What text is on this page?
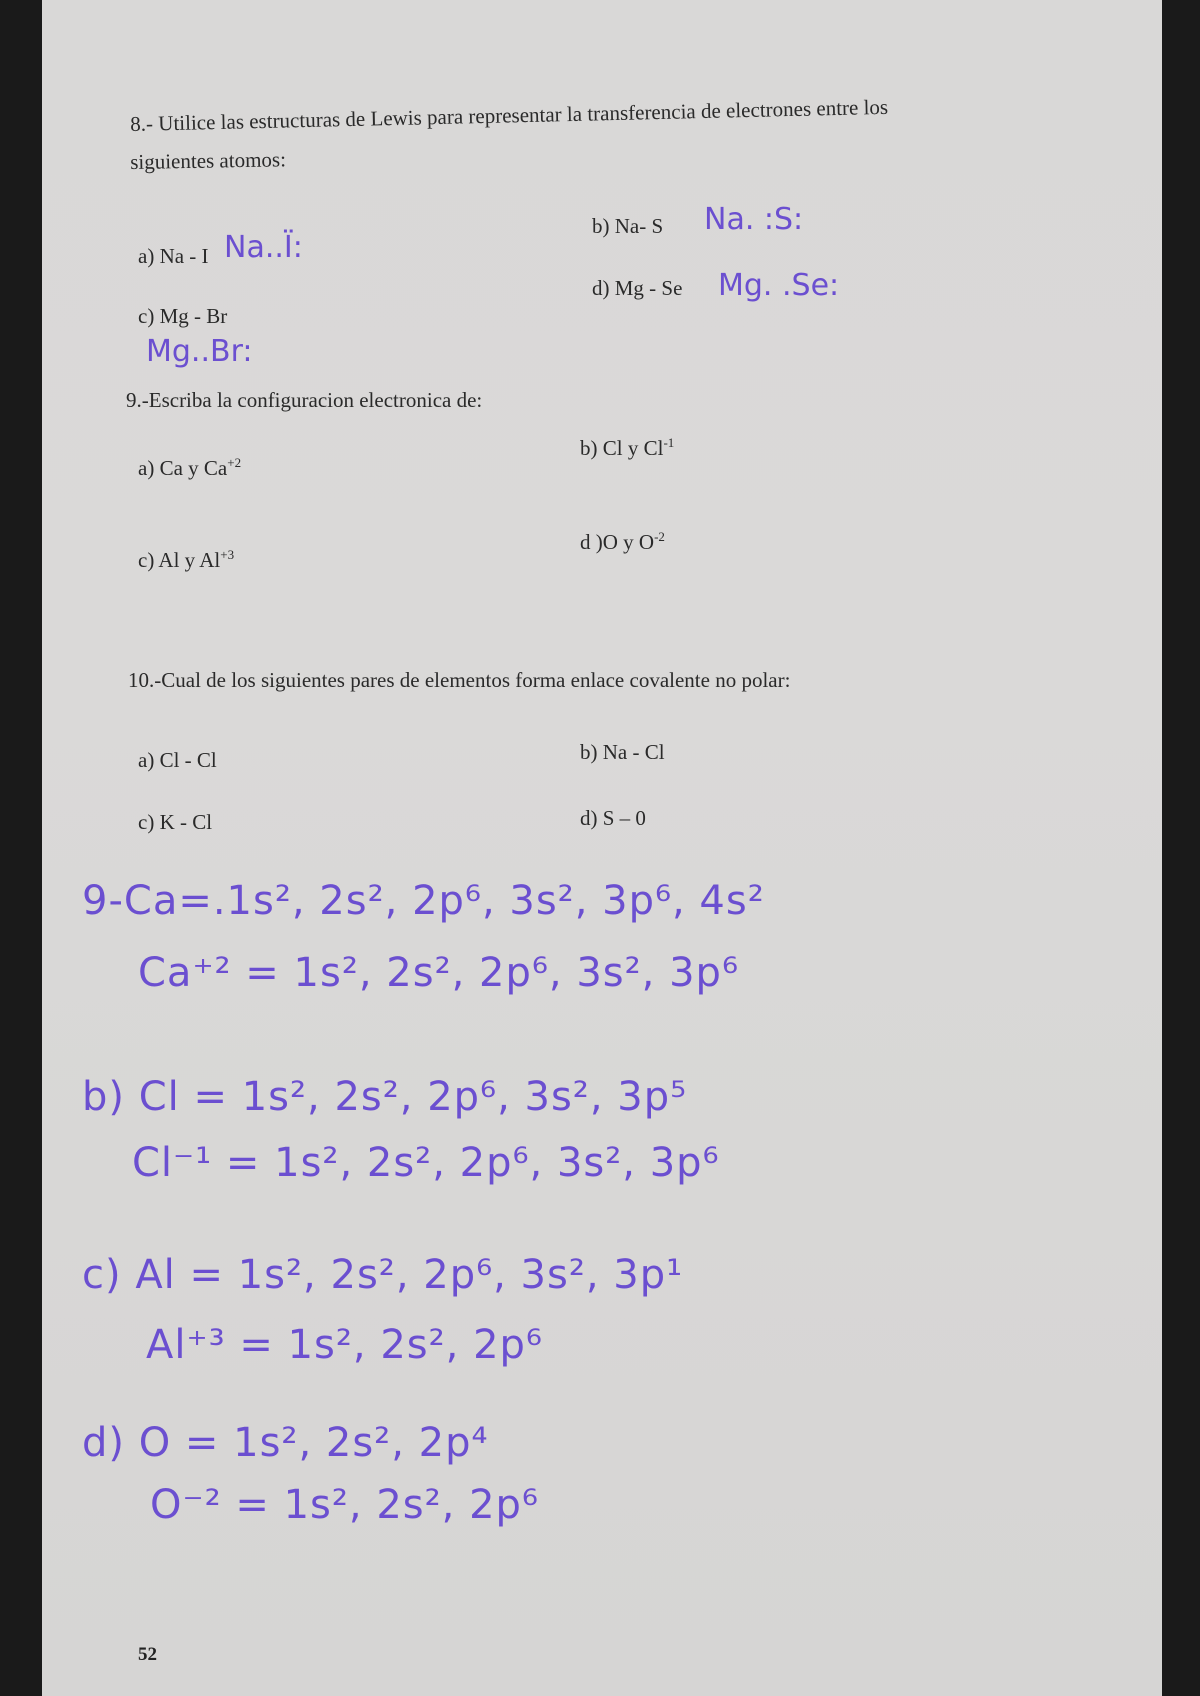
8.- Utilice las estructuras de Lewis para representar la transferencia de electrones entre los
siguientes atomos:
a) Na - I Na..Ï:
b) Na- S Na. :S:
c) Mg - Br
Mg..Br:
d) Mg - Se Mg. .Se:
9.-Escriba la configuracion electronica de:
a) Ca y $Ca^{+2}$
b) Cl y $Cl^{-1}$
c) Al y $Al^{+3}$
d )O y $O^{-2}$
10.-Cual de los siguientes pares de elementos forma enlace covalente no polar:
a) Cl - Cl	b) Na - Cl
c) K - Cl	d) S – 0
9-Ca=.1s², 2s², 2p⁶, 3s², 3p⁶, 4s²
Ca⁺² = 1s², 2s², 2p⁶, 3s², 3p⁶
b) Cl = 1s², 2s², 2p⁶, 3s², 3p⁵
Cl⁻¹ = 1s², 2s², 2p⁶, 3s², 3p⁶
c) Al = 1s², 2s², 2p⁶, 3s², 3p¹
Al⁺³ = 1s², 2s², 2p⁶
d) O = 1s², 2s², 2p⁴
O⁻² = 1s², 2s², 2p⁶
52
